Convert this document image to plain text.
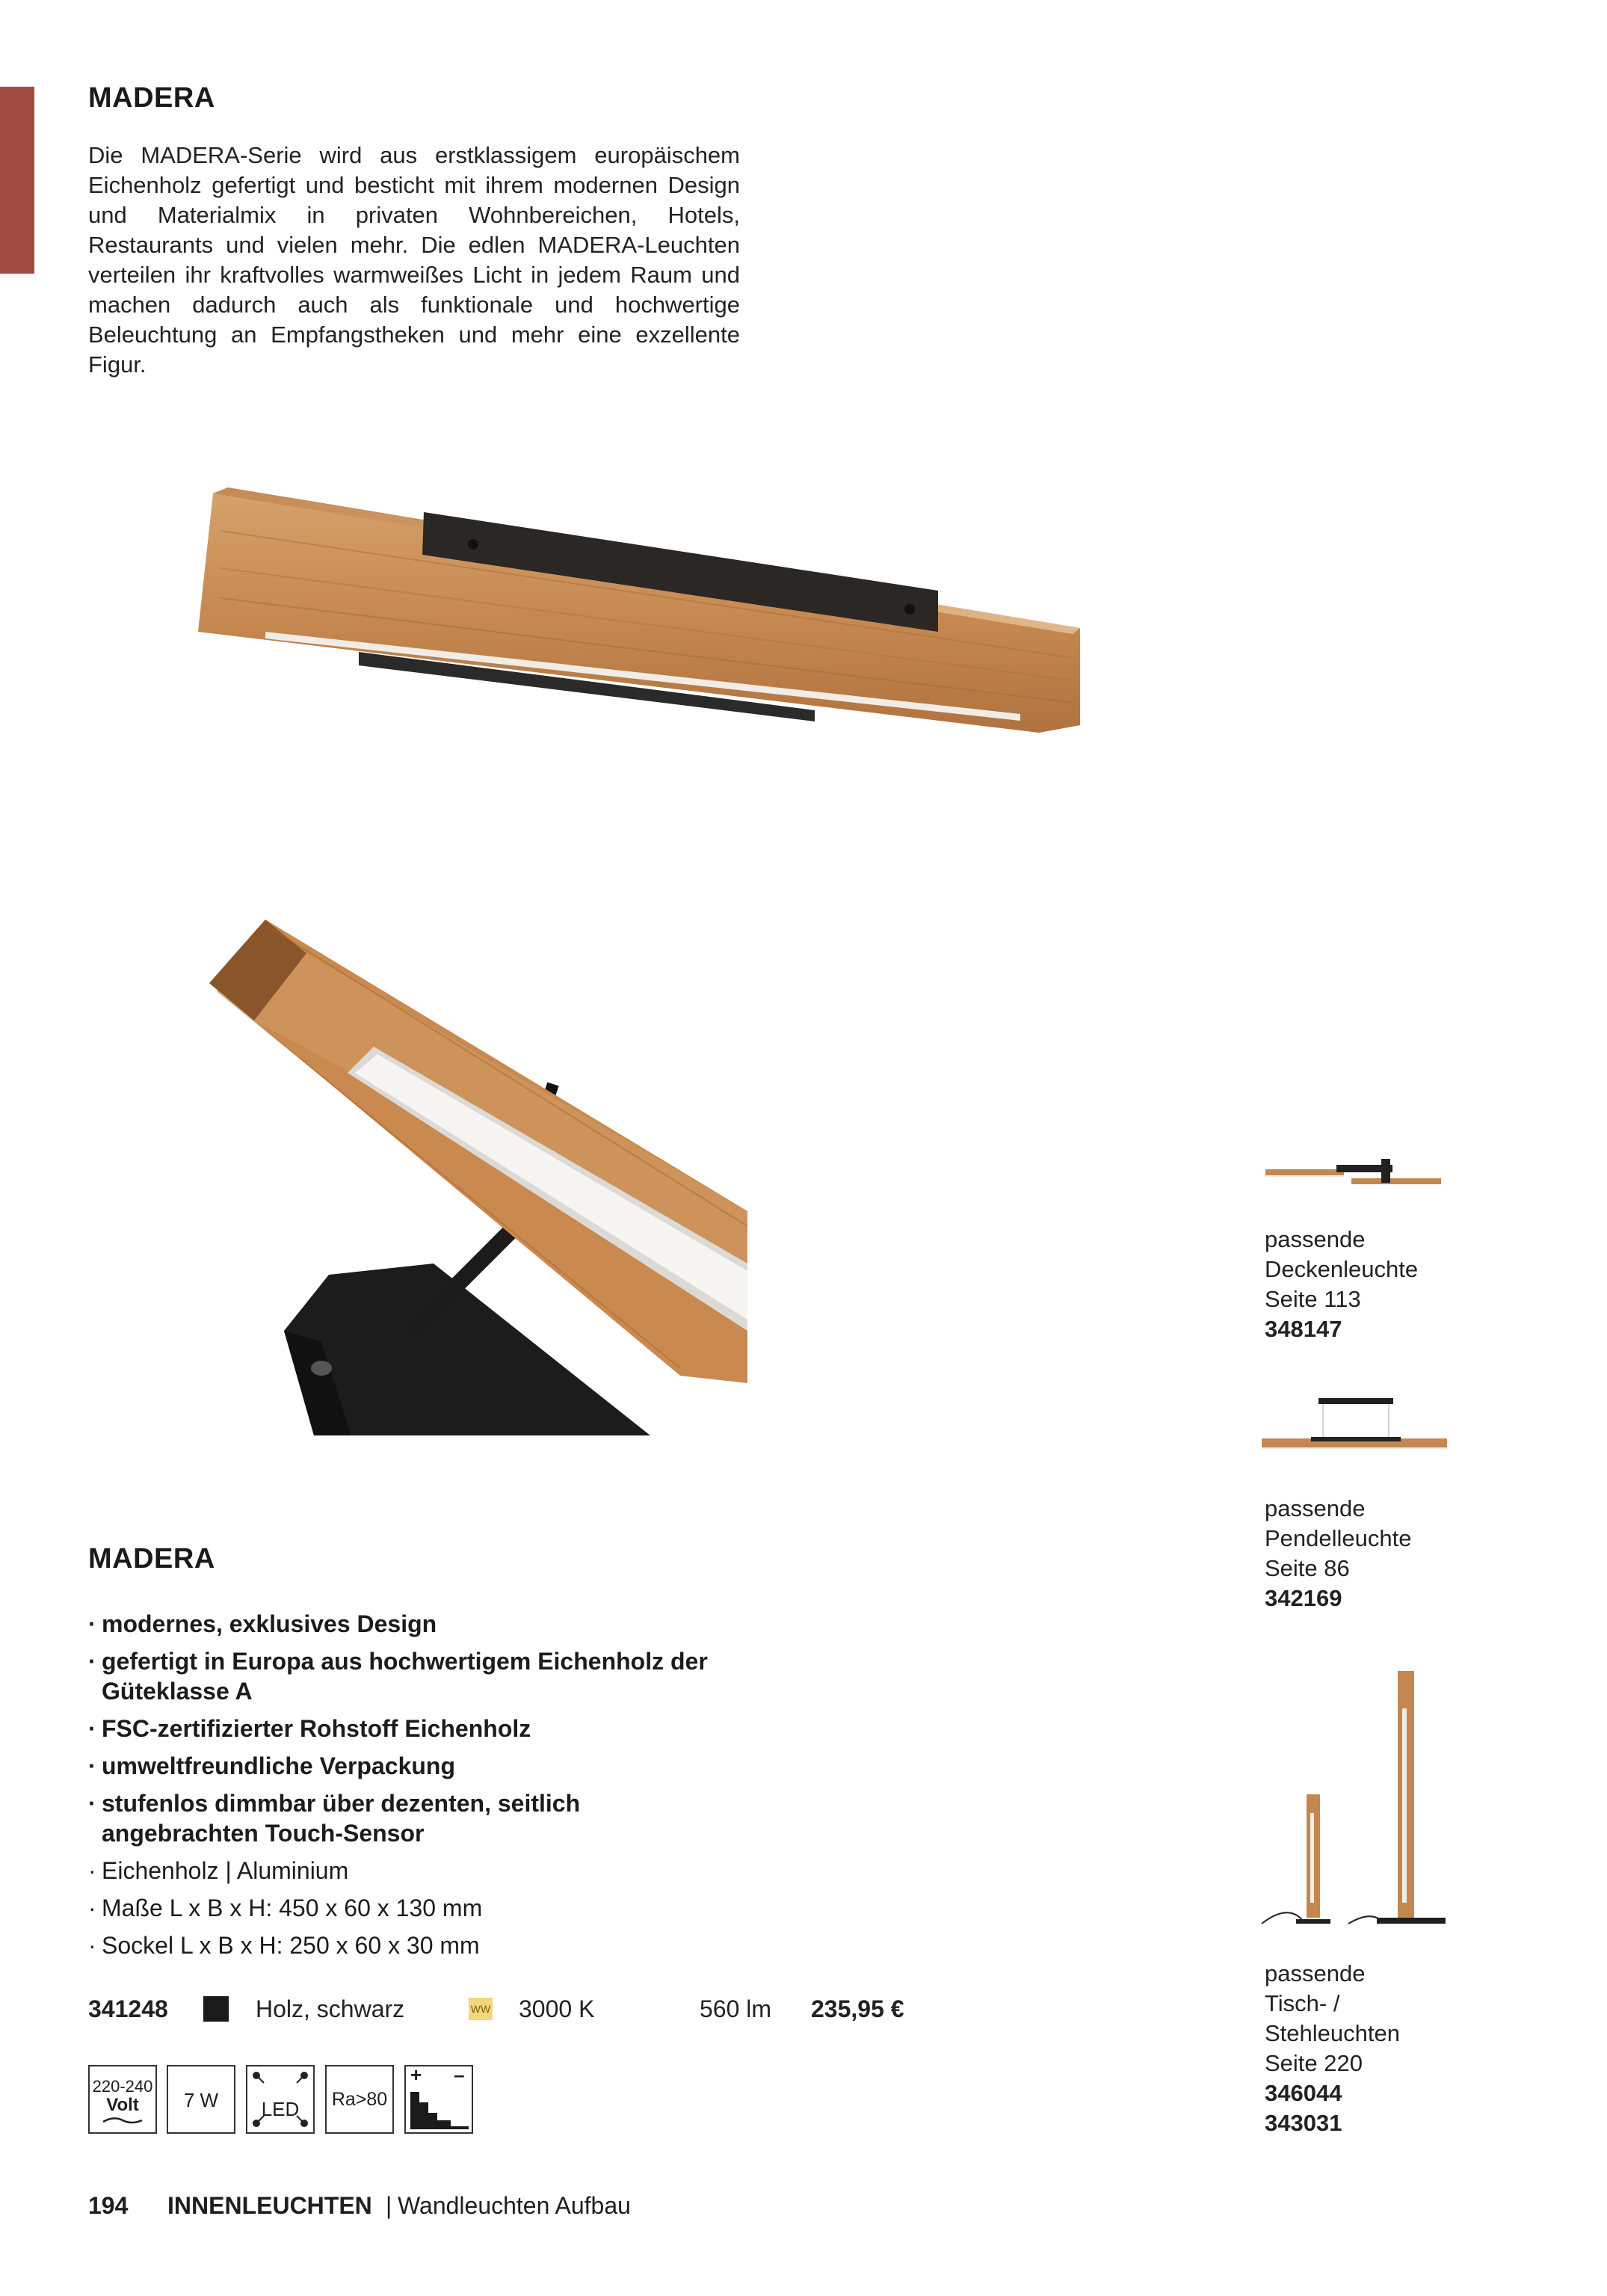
MADERA

Die MADERA-Serie wird aus erstklassigem europäischem Eichenholz gefertigt und besticht mit ihrem modernen Design und Materialmix in privaten Wohnbereichen, Hotels, Restaurants und vielen mehr. Die edlen MADERA-Leuchten verteilen ihr kraftvolles warmweißes Licht in jedem Raum und machen dadurch auch als funktionale und hochwertige Beleuchtung an Empfangstheken und mehr eine exzellente Figur.

MADERA
· modernes, exklusives Design
· gefertigt in Europa aus hochwertigem Eichenholz der Güteklasse A
· FSC-zertifizierter Rohstoff Eichenholz
· umweltfreundliche Verpackung
· stufenlos dimmbar über dezenten, seitlich angebrachten Touch-Sensor
· Eichenholz | Aluminium
· Maße L x B x H: 450 x 60 x 130 mm
· Sockel L x B x H: 250 x 60 x 30 mm
341248	Holz, schwarz	WW 3000 K	560 lm 235,95 €
220-240
Volt	7 W	LED	Ra>80
+ –
passende
Deckenleuchte
Seite 113
348147
passende
Pendelleuchte
Seite 86
342169
passende
Tisch- /
Stehleuchten
Seite 220
346044
343031
194 INNENLEUCHTEN | Wandleuchten Aufbau
